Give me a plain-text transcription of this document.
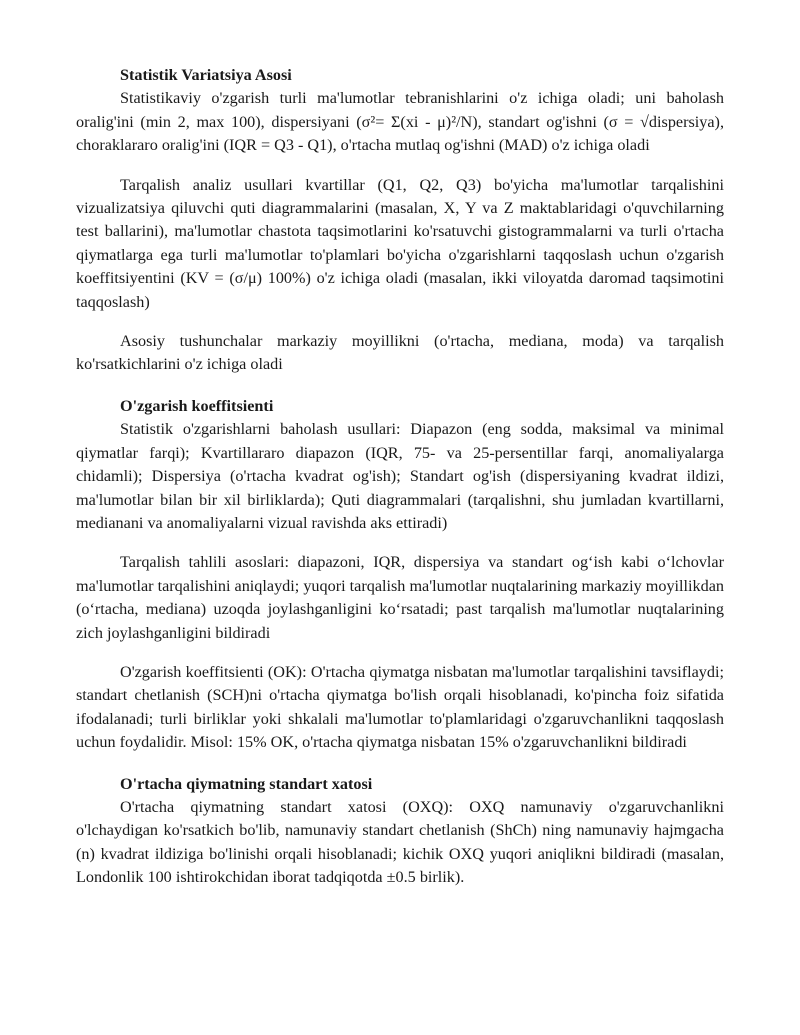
Statistik Variatsiya Asosi

Statistikaviy o'zgarish turli ma'lumotlar tebranishlarini o'z ichiga oladi; uni baholash oralig'ini (min 2, max 100), dispersiyani (σ²= Σ(xi - μ)²/N), standart og'ishni (σ = √dispersiya), choraklararo oralig'ini (IQR = Q3 - Q1), o'rtacha mutlaq og'ishni (MAD) o'z ichiga oladi

Tarqalish analiz usullari kvartillar (Q1, Q2, Q3) bo'yicha ma'lumotlar tarqalishini vizualizatsiya qiluvchi quti diagrammalarini (masalan, X, Y va Z maktablaridagi o'quvchilarning test ballarini), ma'lumotlar chastota taqsimotlarini ko'rsatuvchi gistogrammalarni va turli o'rtacha qiymatlarga ega turli ma'lumotlar to'plamlari bo'yicha o'zgarishlarni taqqoslash uchun o'zgarish koeffitsiyentini (KV = (σ/μ) 100%) o'z ichiga oladi (masalan, ikki viloyatda daromad taqsimotini taqqoslash)

Asosiy tushunchalar markaziy moyillikni (o'rtacha, mediana, moda) va tarqalish ko'rsatkichlarini o'z ichiga oladi

O'zgarish koeffitsienti

Statistik o'zgarishlarni baholash usullari: Diapazon (eng sodda, maksimal va minimal qiymatlar farqi); Kvartillararo diapazon (IQR, 75- va 25-persentillar farqi, anomaliyalarga chidamli); Dispersiya (o'rtacha kvadrat og'ish); Standart og'ish (dispersiyaning kvadrat ildizi, ma'lumotlar bilan bir xil birliklarda); Quti diagrammalari (tarqalishni, shu jumladan kvartillarni, medianani va anomaliyalarni vizual ravishda aks ettiradi)

Tarqalish tahlili asoslari: diapazoni, IQR, dispersiya va standart og‘ish kabi o‘lchovlar ma'lumotlar tarqalishini aniqlaydi; yuqori tarqalish ma'lumotlar nuqtalarining markaziy moyillikdan (o‘rtacha, mediana) uzoqda joylashganligini ko‘rsatadi; past tarqalish ma'lumotlar nuqtalarining zich joylashganligini bildiradi

O'zgarish koeffitsienti (OK): O'rtacha qiymatga nisbatan ma'lumotlar tarqalishini tavsiflaydi; standart chetlanish (SCH)ni o'rtacha qiymatga bo'lish orqali hisoblanadi, ko'pincha foiz sifatida ifodalanadi; turli birliklar yoki shkalali ma'lumotlar to'plamlaridagi o'zgaruvchanlikni taqqoslash uchun foydalidir. Misol: 15% OK, o'rtacha qiymatga nisbatan 15% o'zgaruvchanlikni bildiradi

O'rtacha qiymatning standart xatosi

O'rtacha qiymatning standart xatosi (OXQ): OXQ namunaviy o'zgaruvchanlikni o'lchaydigan ko'rsatkich bo'lib, namunaviy standart chetlanish (ShCh) ning namunaviy hajmgacha (n) kvadrat ildiziga bo'linishi orqali hisoblanadi; kichik OXQ yuqori aniqlikni bildiradi (masalan, Londonlik 100 ishtirokchidan iborat tadqiqotda ±0.5 birlik).
